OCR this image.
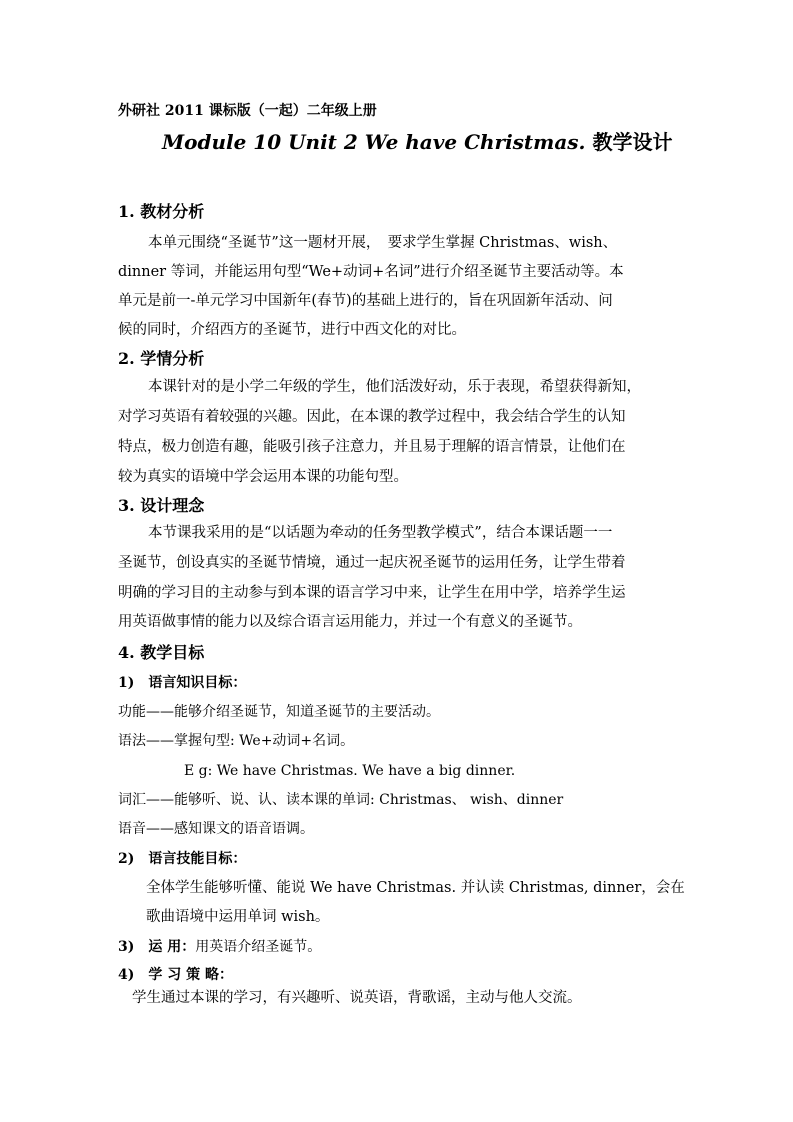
外研社 2011 课标版（一起）二年级上册
Module 10 Unit 2 We have Christmas. 教学设计
1. 教材分析
本单元围绕“圣诞节”这一题材开展，　要求学生掌握 Christmas、wish、
dinner 等词，并能运用句型“We+动词+名词”进行介绍圣诞节主要活动等。本
单元是前一-单元学习中国新年(春节)的基础上进行的，旨在巩固新年活动、问
候的同时，介绍西方的圣诞节，进行中西文化的对比。
2. 学情分析
本课针对的是小学二年级的学生，他们活泼好动，乐于表现，希望获得新知，
对学习英语有着较强的兴趣。因此，在本课的教学过程中，我会结合学生的认知
特点，极力创造有趣，能吸引孩子注意力，并且易于理解的语言情景，让他们在
较为真实的语境中学会运用本课的功能句型。
3. 设计理念
本节课我采用的是“以话题为牵动的任务型教学模式”，结合本课话题一一
圣诞节，创设真实的圣诞节情境，通过一起庆祝圣诞节的运用任务，让学生带着
明确的学习目的主动参与到本课的语言学习中来，让学生在用中学，培养学生运
用英语做事情的能力以及综合语言运用能力，并过一个有意义的圣诞节。
4. 教学目标
1)　语言知识目标：
功能——能够介绍圣诞节，知道圣诞节的主要活动。
语法——掌握句型: We+动词+名词。
E g: We have Christmas. We have a big dinner.
词汇——能够听、说、认、读本课的单词: Christmas、 wish、dinner
语音——感知课文的语音语调。
2)　语言技能目标：
全体学生能够听懂、能说 We have Christmas. 并认读 Christmas, dinner，会在
歌曲语境中运用单词 wish。
3)　运 用：用英语介绍圣诞节。
4)　学 习 策 略：
学生通过本课的学习，有兴趣听、说英语，背歌谣，主动与他人交流。
